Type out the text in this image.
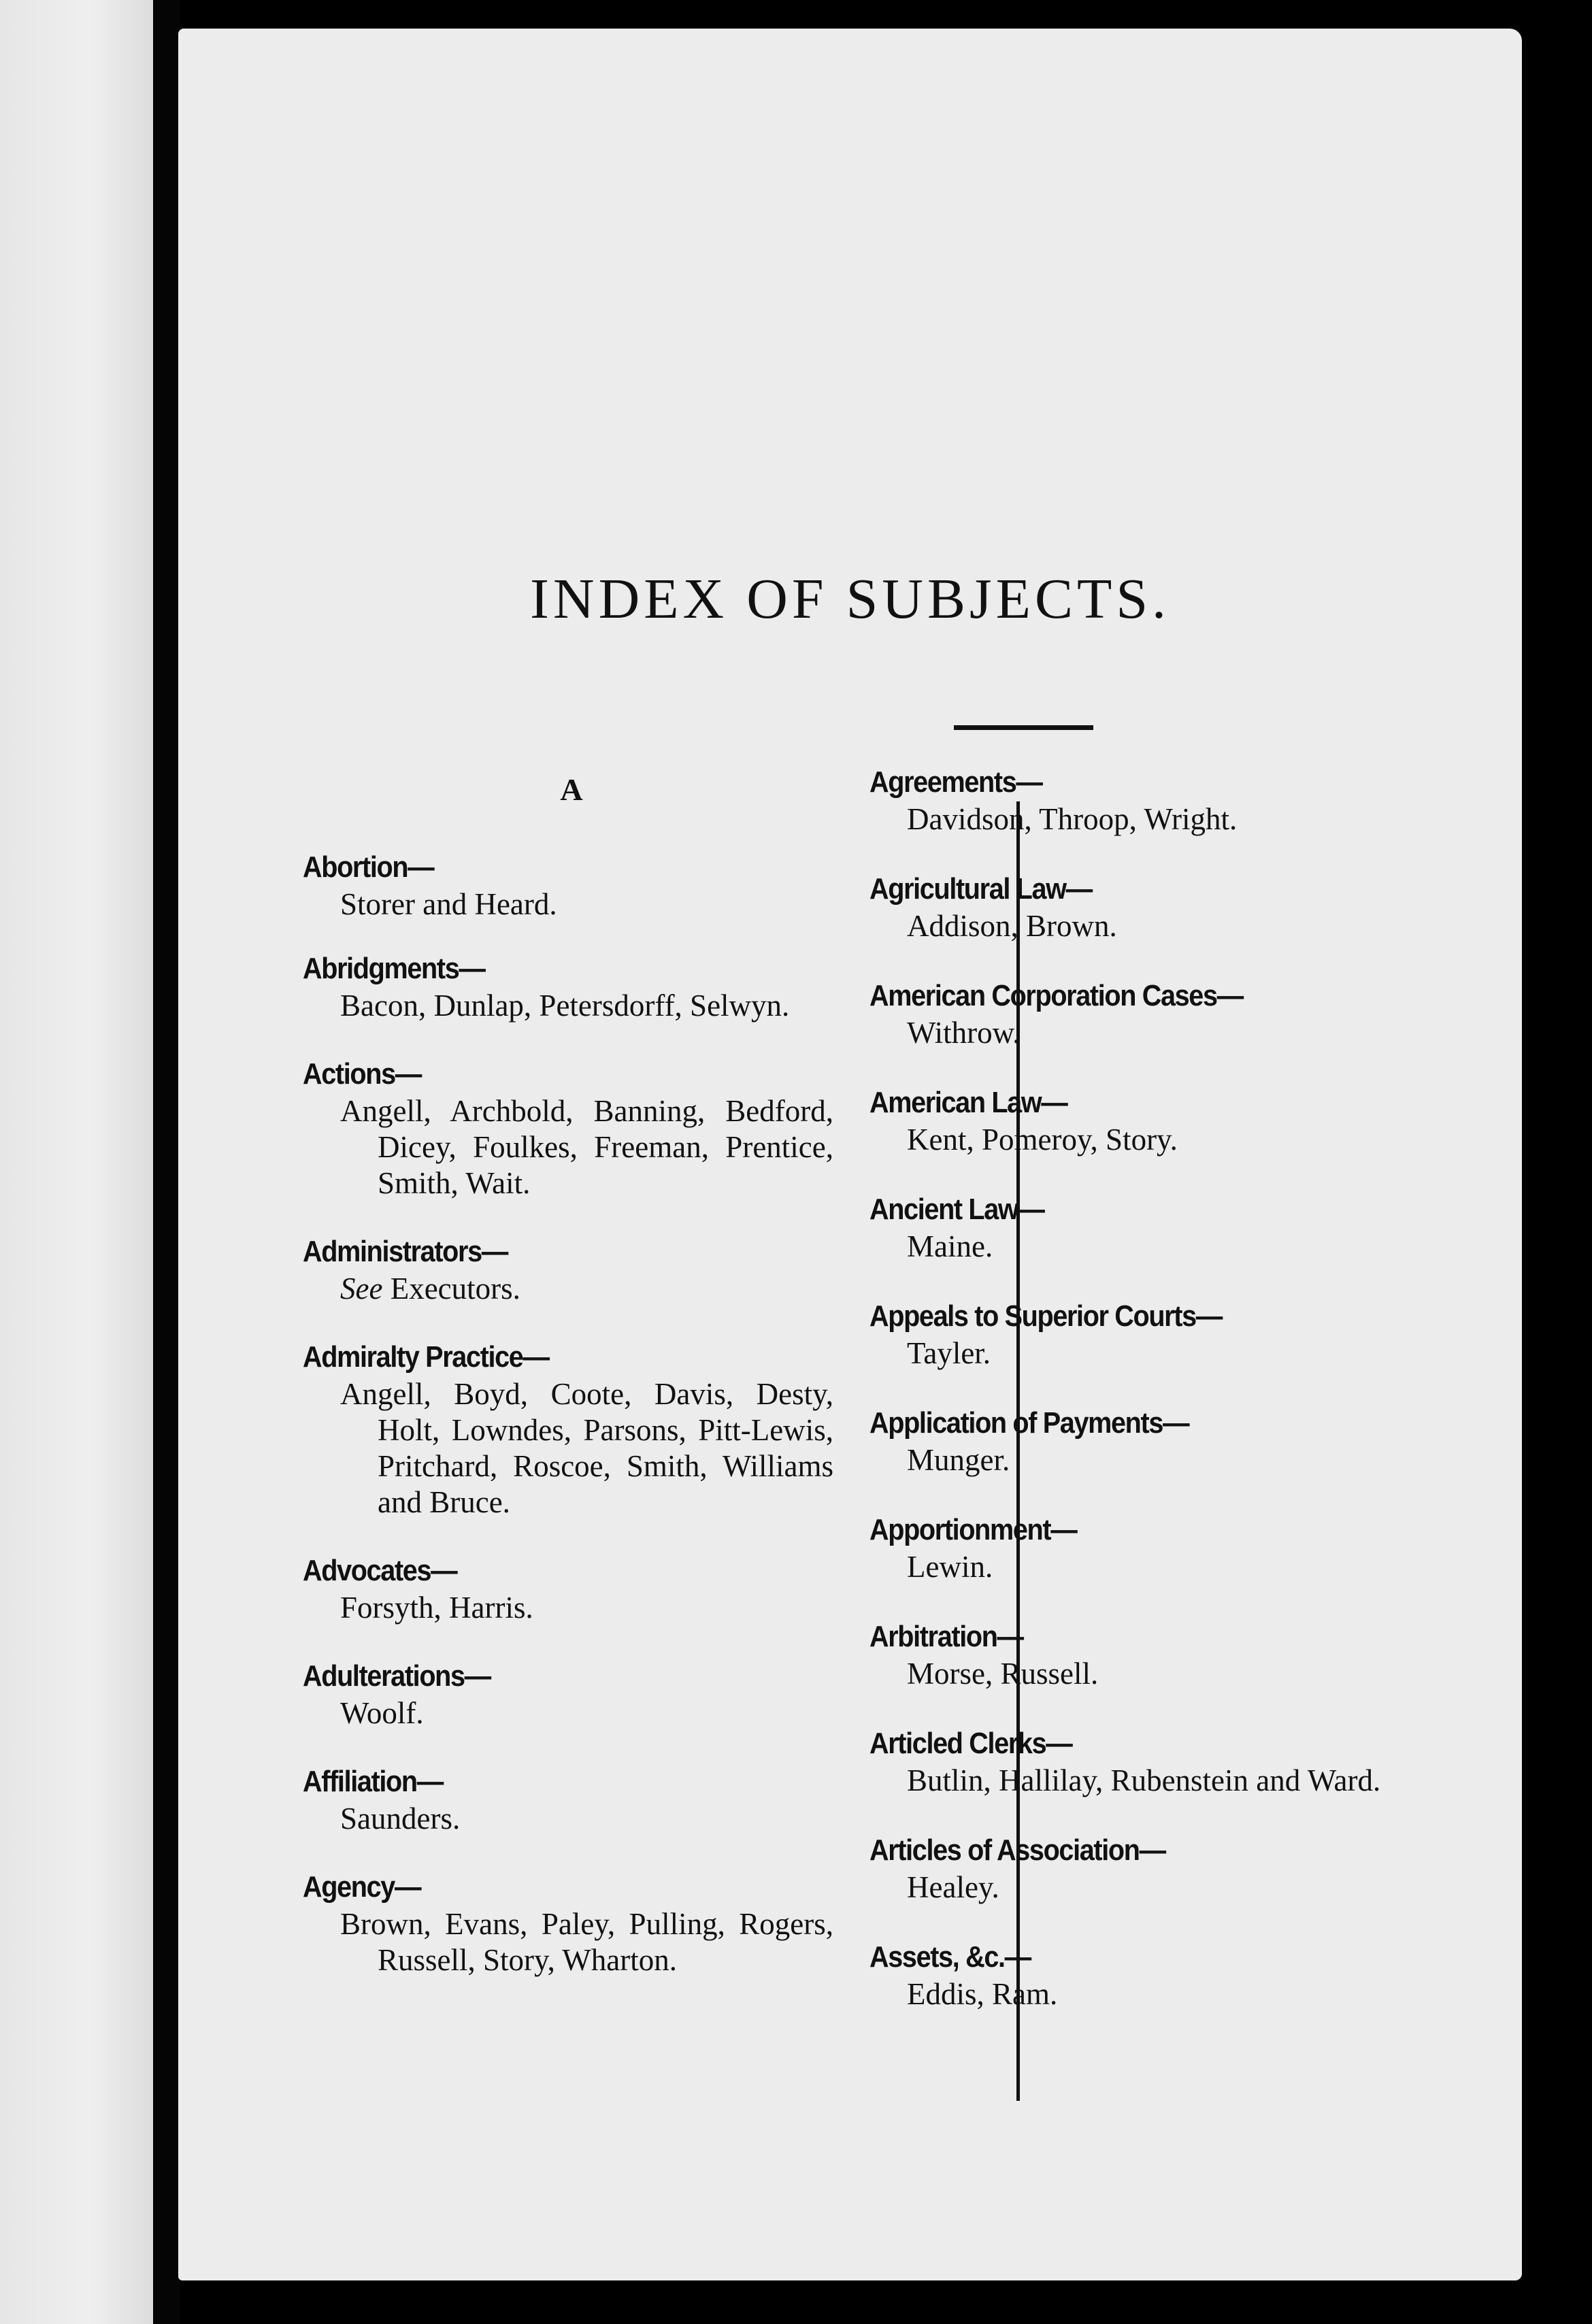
INDEX OF SUBJECTS.
A
Abortion—
Storer and Heard.
Abridgments—
Bacon, Dunlap, Petersdorff, Selwyn.
Actions—
Angell, Archbold, Banning, Bedford, Dicey, Foulkes, Freeman, Prentice, Smith, Wait.
Administrators—
See Executors.
Admiralty Practice—
Angell, Boyd, Coote, Davis, Desty, Holt, Lowndes, Parsons, Pitt-Lewis, Pritchard, Roscoe, Smith, Williams and Bruce.
Advocates—
Forsyth, Harris.
Adulterations—
Woolf.
Affiliation—
Saunders.
Agency—
Brown, Evans, Paley, Pulling, Rogers, Russell, Story, Wharton.
Agreements—
Davidson, Throop, Wright.
Agricultural Law—
Addison, Brown.
American Corporation Cases—
Withrow.
American Law—
Kent, Pomeroy, Story.
Ancient Law—
Maine.
Appeals to Superior Courts—
Tayler.
Application of Payments—
Munger.
Apportionment—
Lewin.
Arbitration—
Morse, Russell.
Articled Clerks—
Butlin, Hallilay, Rubenstein and Ward.
Articles of Association—
Healey.
Assets, &c.—
Eddis, Ram.
